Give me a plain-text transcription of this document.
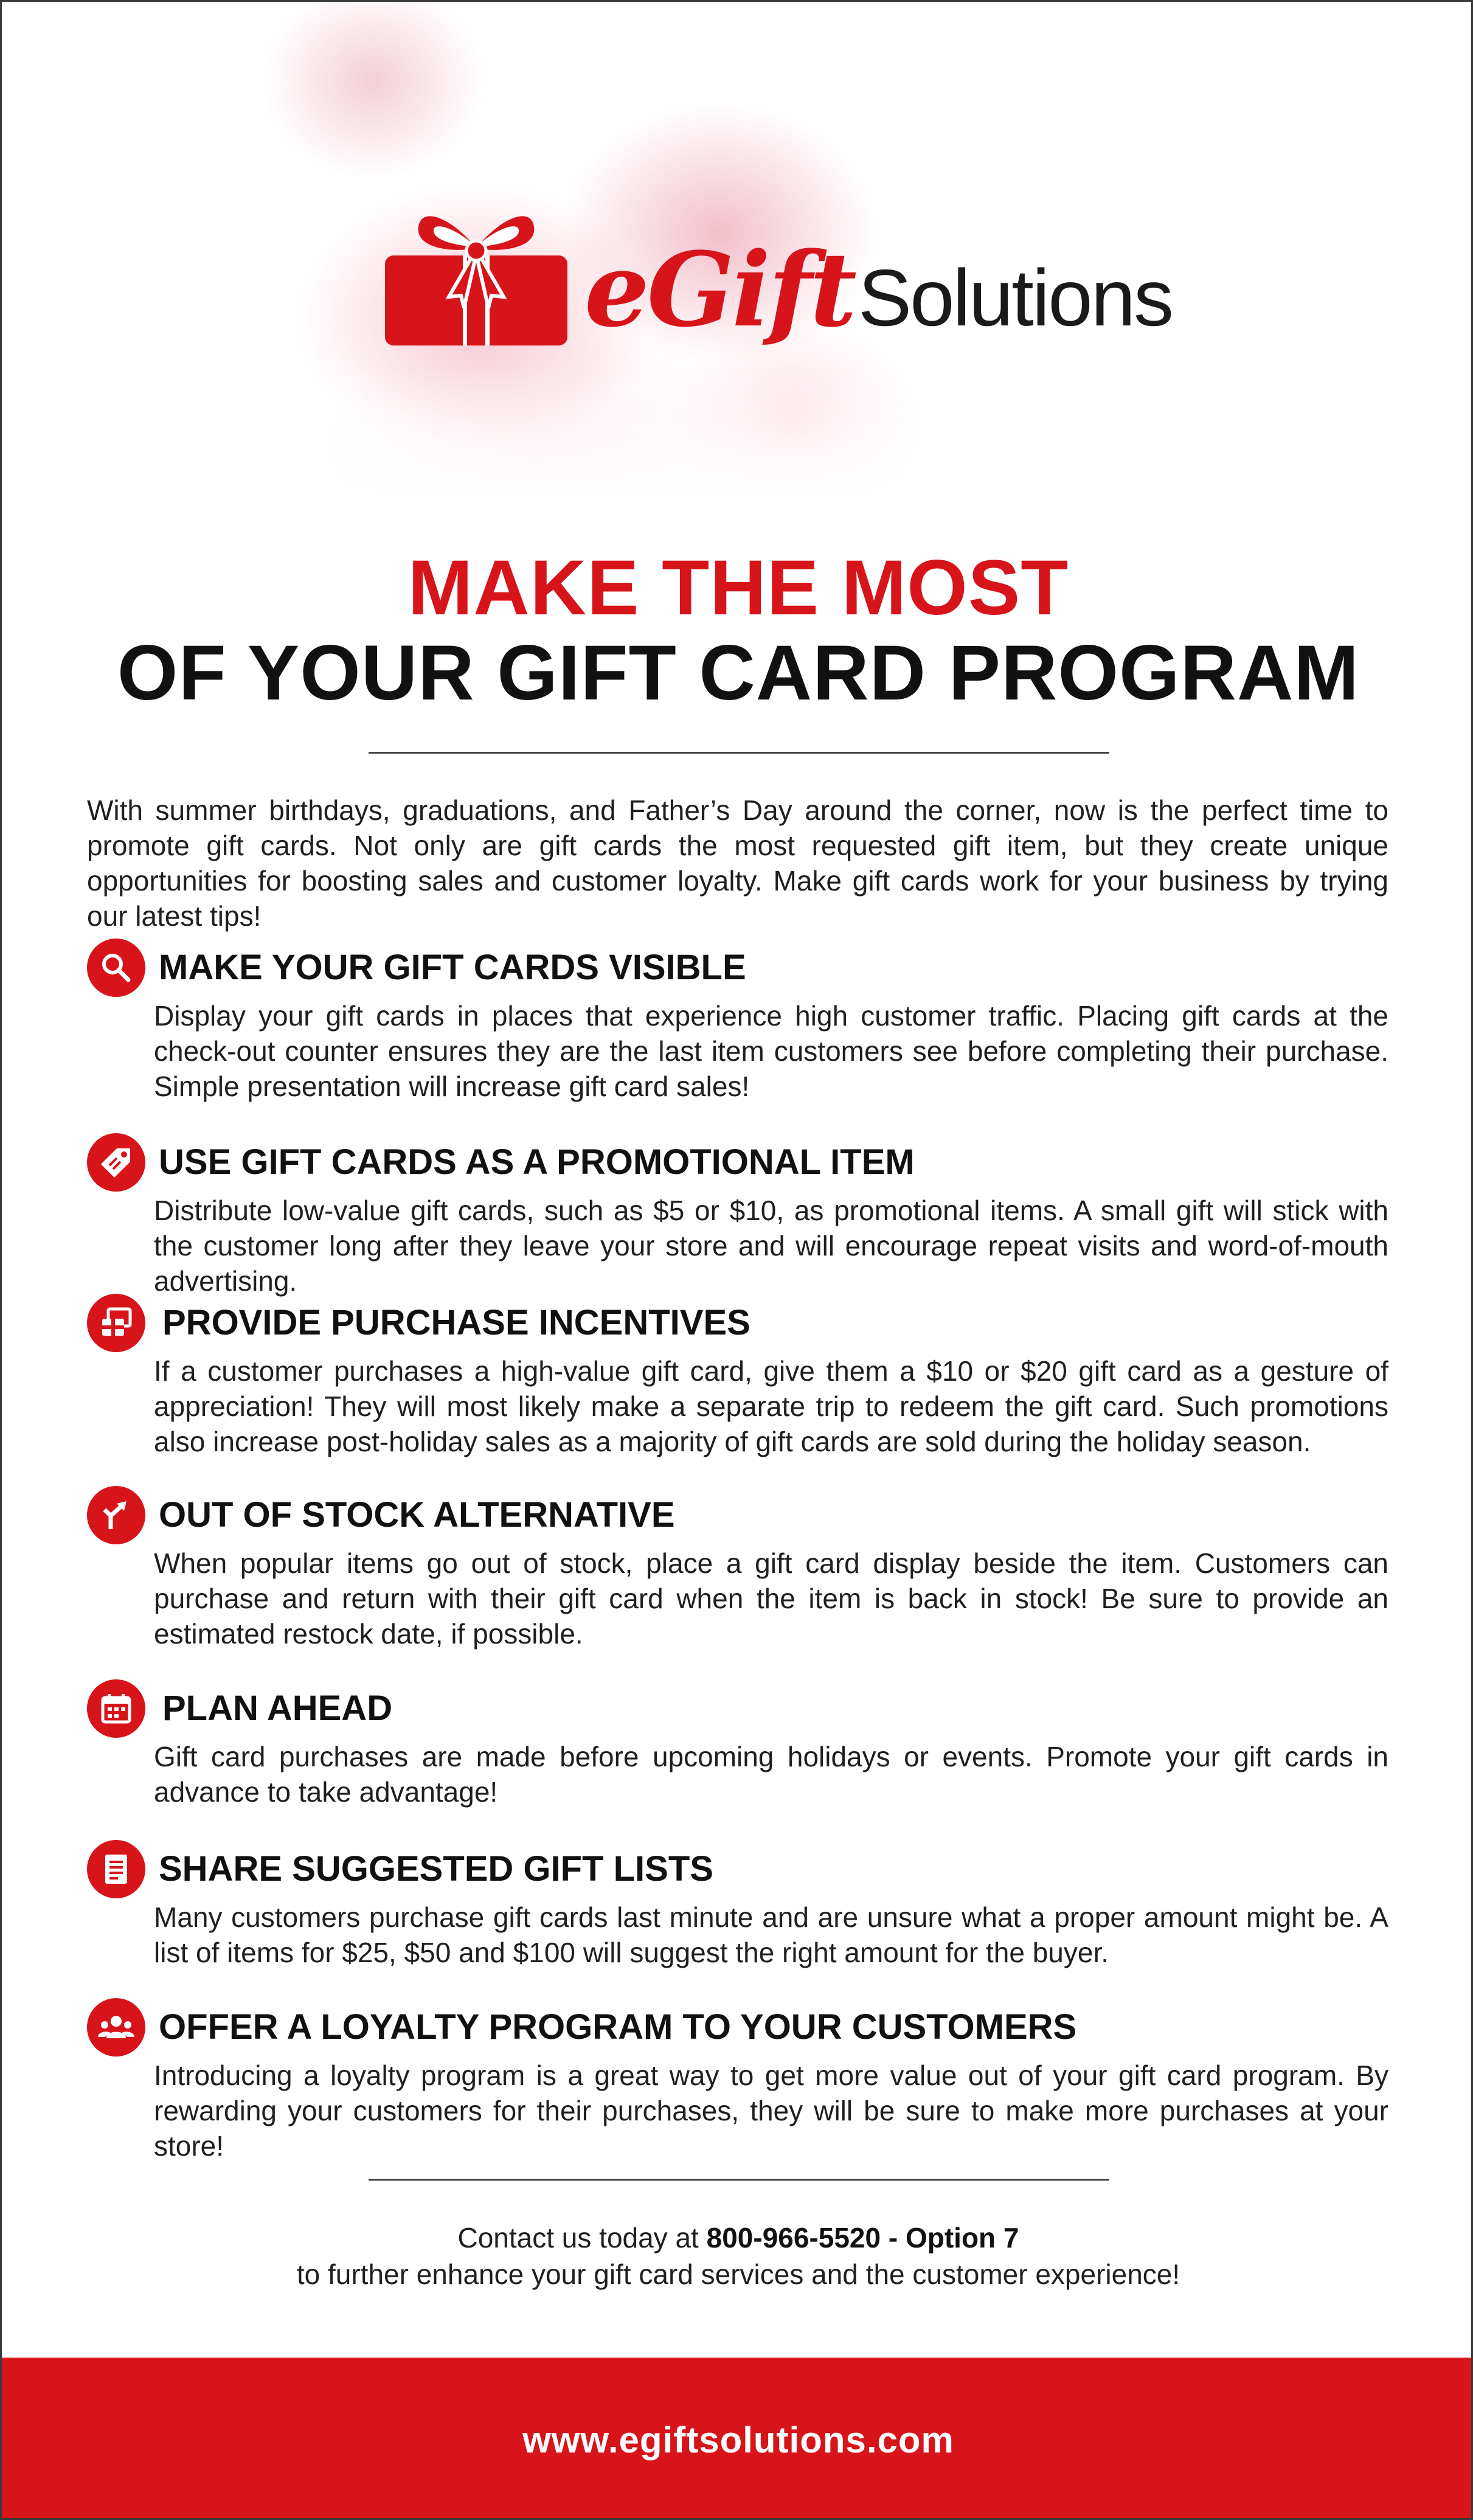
eGiftSolutions
MAKE THE MOST
OF YOUR GIFT CARD PROGRAM
With summer birthdays, graduations, and Father’s Day around the corner, now is the perfect time to promote gift cards. Not only are gift cards the most requested gift item, but they create unique opportunities for boosting sales and customer loyalty. Make gift cards work for your business by trying our latest tips!
MAKE YOUR GIFT CARDS VISIBLE
Display your gift cards in places that experience high customer traffic. Placing gift cards at the check-out counter ensures they are the last item customers see before completing their purchase. Simple presentation will increase gift card sales!
USE GIFT CARDS AS A PROMOTIONAL ITEM
Distribute low-value gift cards, such as $5 or $10, as promotional items. A small gift will stick with the customer long after they leave your store and will encourage repeat visits and word-of-mouth advertising.
PROVIDE PURCHASE INCENTIVES
If a customer purchases a high-value gift card, give them a $10 or $20 gift card as a gesture of appreciation! They will most likely make a separate trip to redeem the gift card. Such promotions also increase post-holiday sales as a majority of gift cards are sold during the holiday season.
OUT OF STOCK ALTERNATIVE
When popular items go out of stock, place a gift card display beside the item. Customers can purchase and return with their gift card when the item is back in stock! Be sure to provide an estimated restock date, if possible.
PLAN AHEAD
Gift card purchases are made before upcoming holidays or events. Promote your gift cards in advance to take advantage!
SHARE SUGGESTED GIFT LISTS
Many customers purchase gift cards last minute and are unsure what a proper amount might be. A list of items for $25, $50 and $100 will suggest the right amount for the buyer.
OFFER A LOYALTY PROGRAM TO YOUR CUSTOMERS
Introducing a loyalty program is a great way to get more value out of your gift card program. By rewarding your customers for their purchases, they will be sure to make more purchases at your store!
Contact us today at 800-966-5520 - Option 7
to further enhance your gift card services and the customer experience!
www.egiftsolutions.com
